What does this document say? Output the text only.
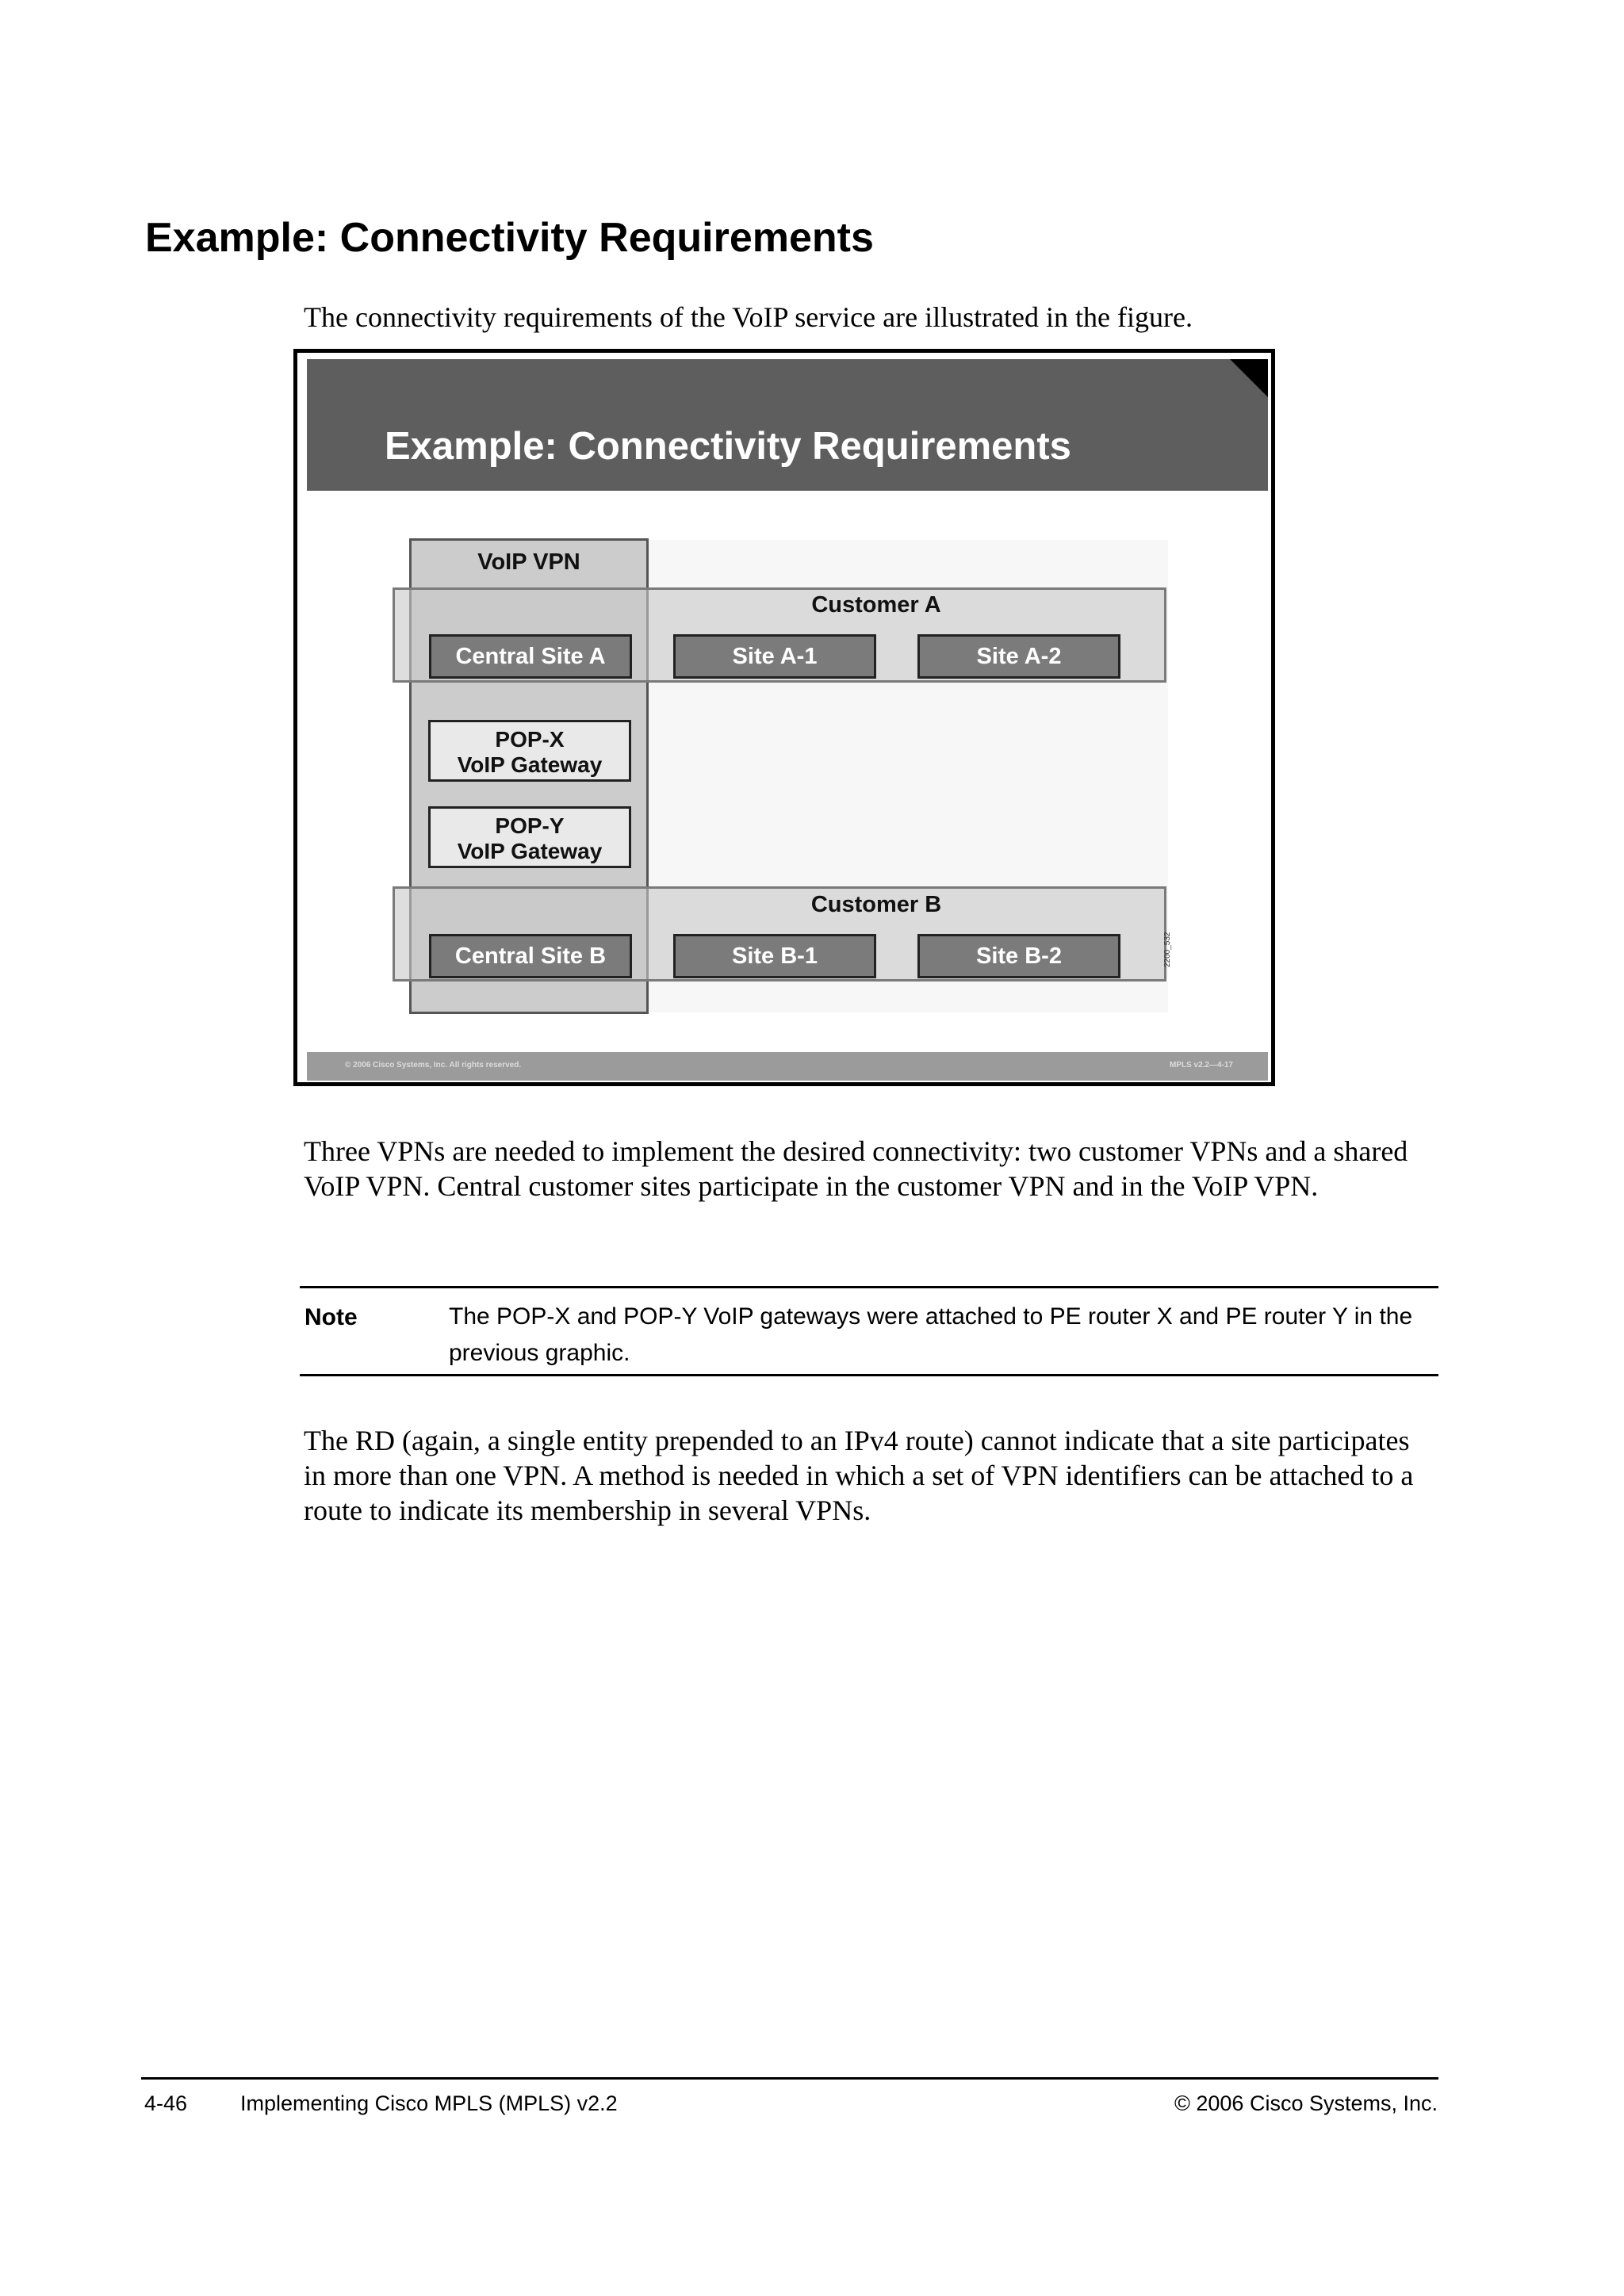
Example: Connectivity Requirements

The connectivity requirements of the VoIP service are illustrated in the figure.

Example: Connectivity Requirements
VoIP VPN
Customer A
Customer B
Central Site A	Site A-1	Site A-2
POP-X
VoIP Gateway
POP-Y
VoIP Gateway
Central Site B	Site B-1	Site B-2	2200_532
© 2006 Cisco Systems, Inc. All rights reserved.	MPLS v2.2—4-17

Three VPNs are needed to implement the desired connectivity: two customer VPNs and a shared VoIP VPN. Central customer sites participate in the customer VPN and in the VoIP VPN.

Note	The POP-X and POP-Y VoIP gateways were attached to PE router X and PE router Y in the previous graphic.

The RD (again, a single entity prepended to an IPv4 route) cannot indicate that a site participates in more than one VPN. A method is needed in which a set of VPN identifiers can be attached to a route to indicate its membership in several VPNs.

4-46 Implementing Cisco MPLS (MPLS) v2.2	© 2006 Cisco Systems, Inc.
